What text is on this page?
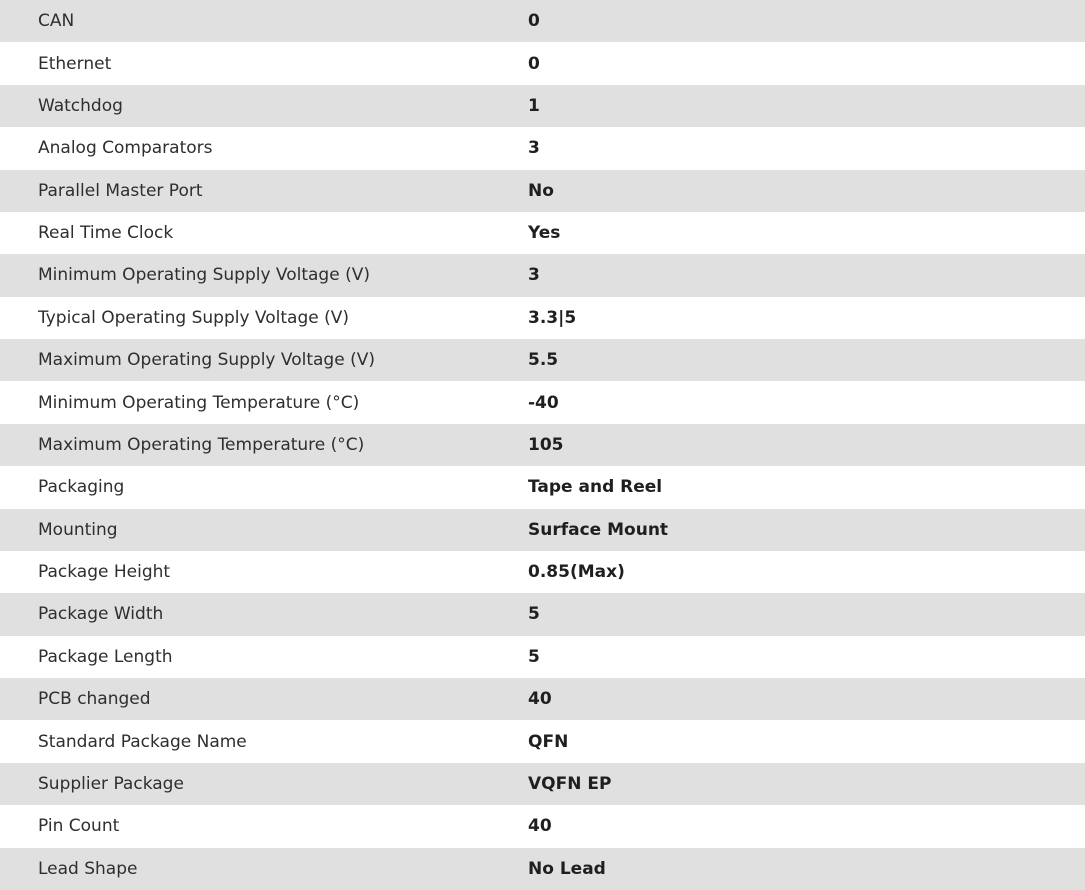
CAN	0
Ethernet	0
Watchdog	1
Analog Comparators	3
Parallel Master Port	No
Real Time Clock	Yes
Minimum Operating Supply Voltage (V)	3
Typical Operating Supply Voltage (V)	3.3|5
Maximum Operating Supply Voltage (V)	5.5
Minimum Operating Temperature (°C)	-40
Maximum Operating Temperature (°C)	105
Packaging	Tape and Reel
Mounting	Surface Mount
Package Height	0.85(Max)
Package Width	5
Package Length	5
PCB changed	40
Standard Package Name	QFN
Supplier Package	VQFN EP
Pin Count	40
Lead Shape	No Lead
